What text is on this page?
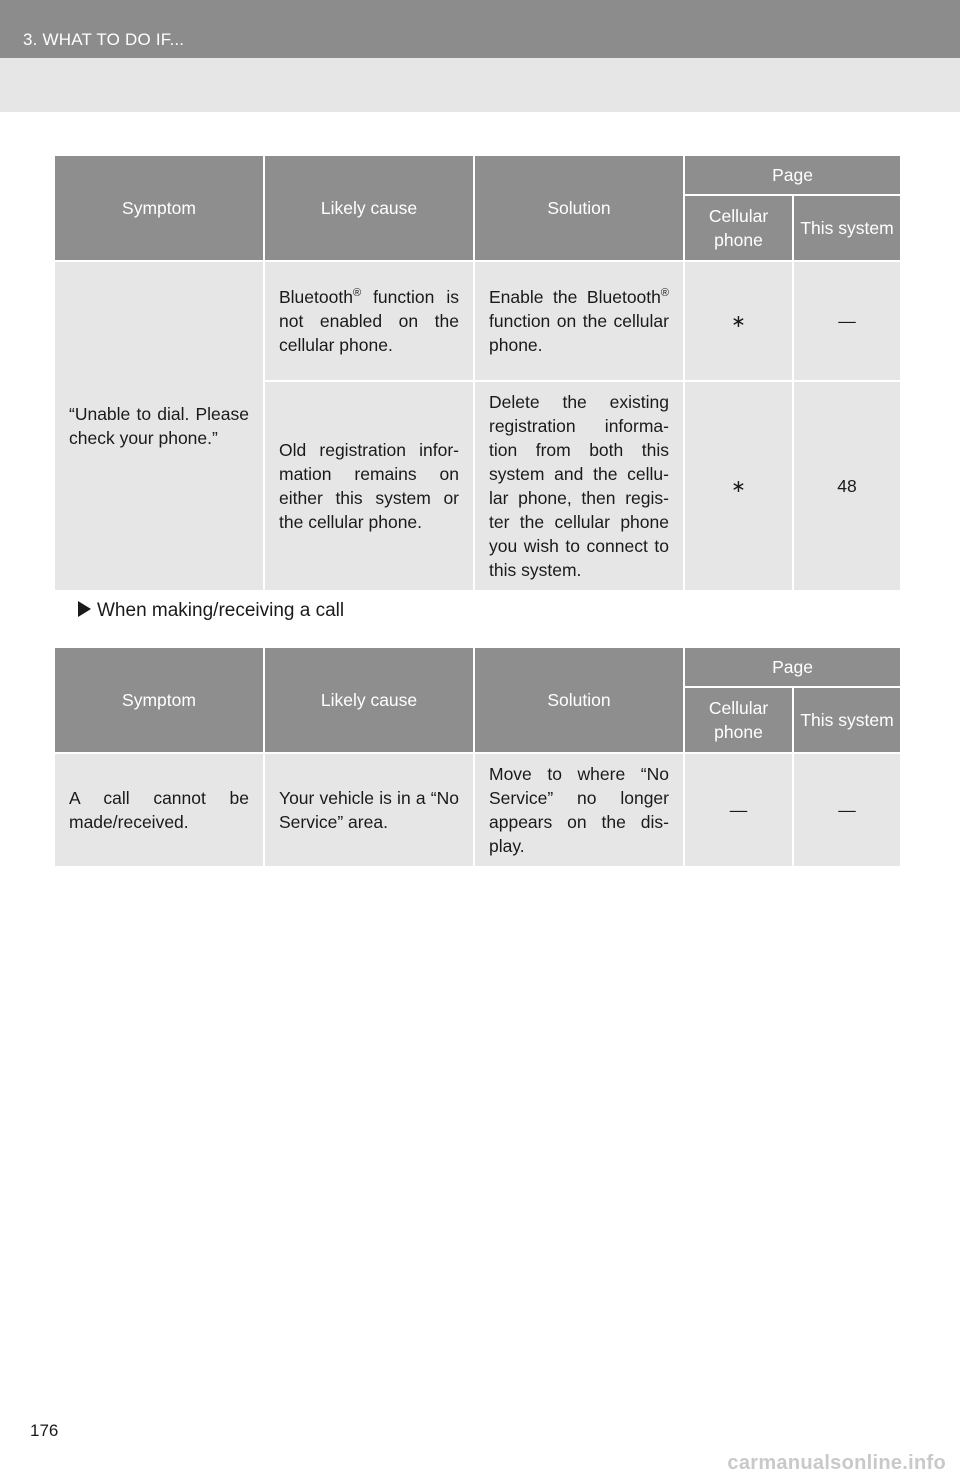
3. WHAT TO DO IF...
Symptom	Likely cause	Solution	Page	
			Cellular phone	This system
“Unable to dial. Please check your phone.”	Bluetooth® function is not enabled on the cellular phone.	Enable the Bluetooth® function on the cellular phone.	∗	—
	Old registration infor-mation remains on either this system or the cellular phone.	Delete the existing registration informa-tion from both this system and the cellu-lar phone, then regis-ter the cellular phone you wish to connect to this system.	∗	48
When making/receiving a call
Symptom	Likely cause	Solution	Page	
			Cellular phone	This system
A call cannot be made/received.	Your vehicle is in a “No Service” area.	Move to where “No Service” no longer appears on the dis-play.	—	—
176
carmanualsonline.info
